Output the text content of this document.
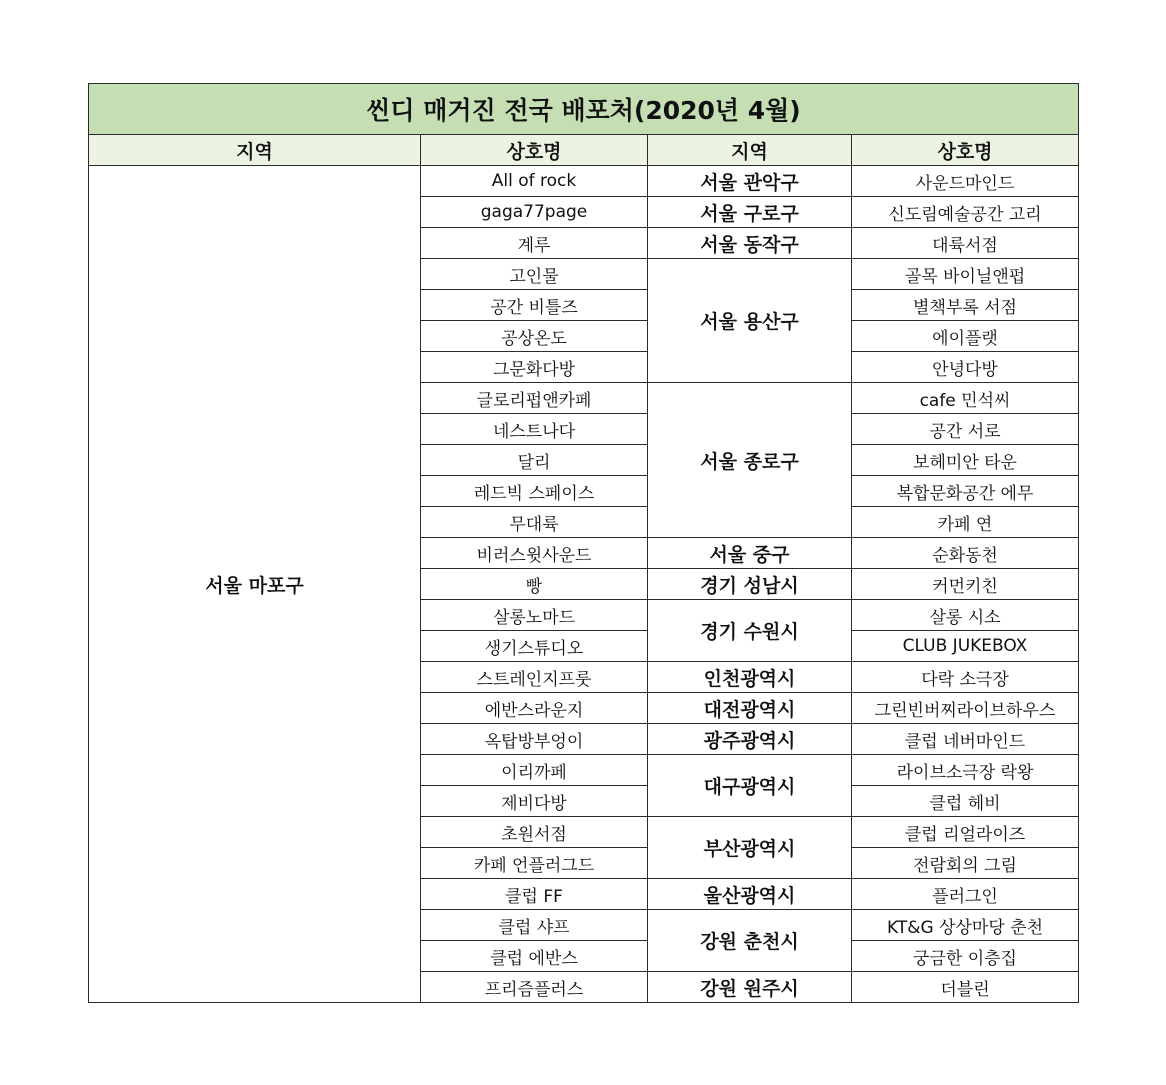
씬디 매거진 전국 배포처(2020년 4월)			
지역	상호명	지역	상호명
서울 마포구	All of rock	서울 관악구	사운드마인드
	gaga77page	서울 구로구	신도림예술공간 고리
	계루	서울 동작구	대륙서점
	고인물	서울 용산구	골목 바이닐앤펍
	공간 비틀즈		별책부록 서점
	공상온도		에이플랫
	그문화다방		안녕다방
	글로리펍앤카페	서울 종로구	cafe 민석씨
	네스트나다		공간 서로
	달리		보헤미안 타운
	레드빅 스페이스		복합문화공간 에무
	무대륙		카페 연
	비러스윗사운드	서울 중구	순화동천
	빵	경기 성남시	커먼키친
	살롱노마드	경기 수원시	살롱 시소
	생기스튜디오		CLUB JUKEBOX
	스트레인지프룻	인천광역시	다락 소극장
	에반스라운지	대전광역시	그린빈버찌라이브하우스
	옥탑방부엉이	광주광역시	클럽 네버마인드
	이리까페	대구광역시	라이브소극장 락왕
	제비다방		클럽 헤비
	초원서점	부산광역시	클럽 리얼라이즈
	카페 언플러그드		전람회의 그림
	클럽 FF	울산광역시	플러그인
	클럽 샤프	강원 춘천시	KT&G 상상마당 춘천
	클럽 에반스		궁금한 이층집
	프리즘플러스	강원 원주시	더블린
